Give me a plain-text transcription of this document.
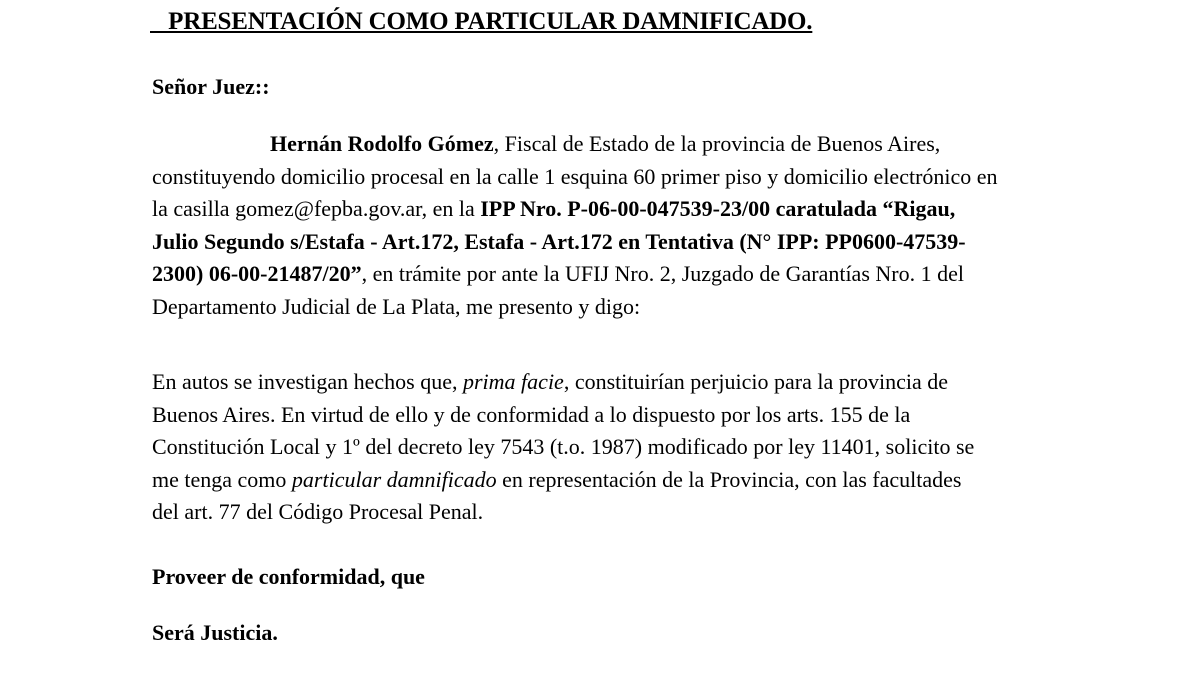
PRESENTACIÓN COMO PARTICULAR DAMNIFICADO.
Señor Juez::
Hernán Rodolfo Gómez, Fiscal de Estado de la provincia de Buenos Aires,
constituyendo domicilio procesal en la calle 1 esquina 60 primer piso y domicilio electrónico en
la casilla gomez@fepba.gov.ar, en la IPP Nro. P-06-00-047539-23/00 caratulada “Rigau,
Julio Segundo s/Estafa - Art.172, Estafa - Art.172 en Tentativa (N° IPP: PP0600-47539-
2300) 06-00-21487/20”, en trámite por ante la UFIJ Nro. 2, Juzgado de Garantías Nro. 1 del
Departamento Judicial de La Plata, me presento y digo:
En autos se investigan hechos que, prima facie, constituirían perjuicio para la provincia de
Buenos Aires. En virtud de ello y de conformidad a lo dispuesto por los arts. 155 de la
Constitución Local y 1º del decreto ley 7543 (t.o. 1987) modificado por ley 11401, solicito se
me tenga como particular damnificado en representación de la Provincia, con las facultades
del art. 77 del Código Procesal Penal.
Proveer de conformidad, que
Será Justicia.
